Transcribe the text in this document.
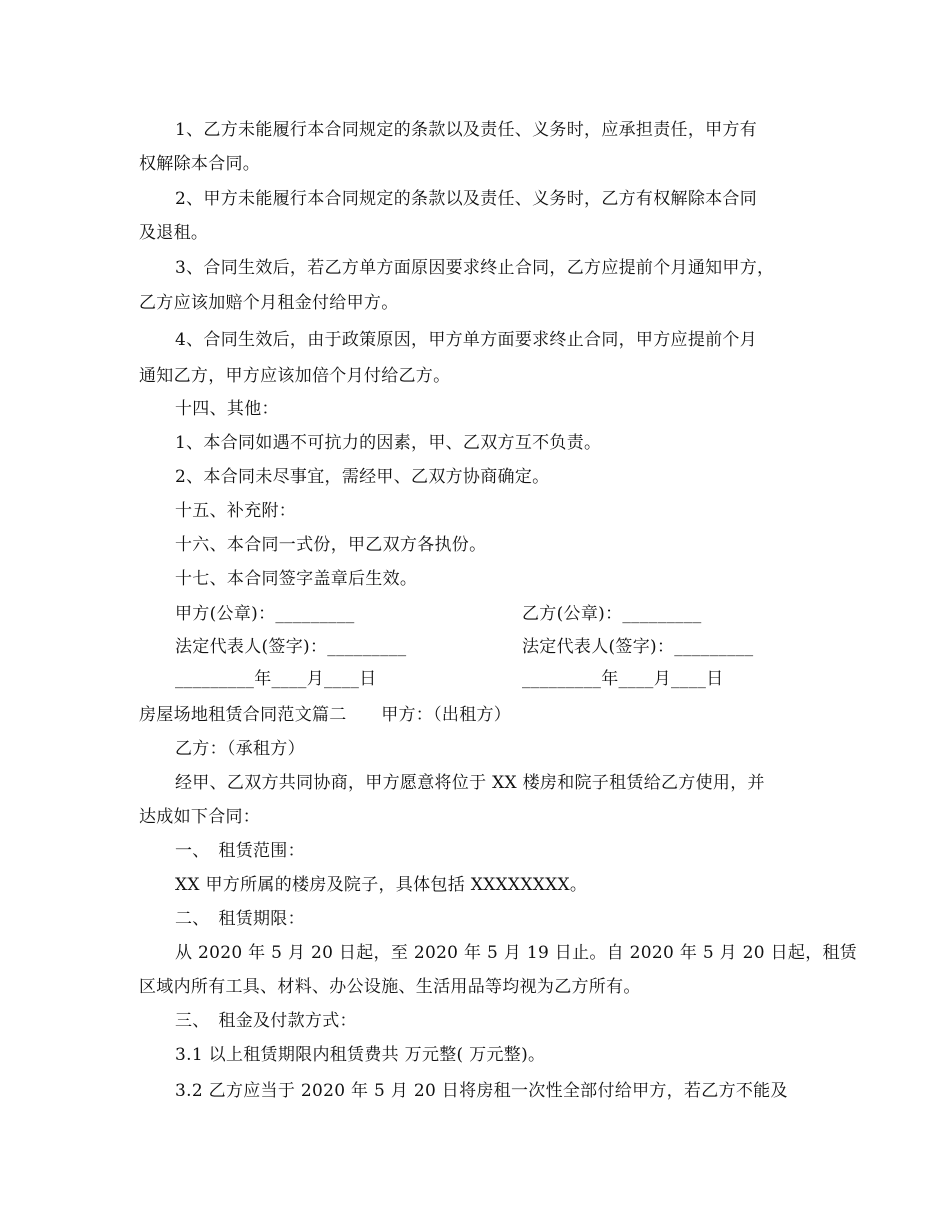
1、乙方未能履行本合同规定的条款以及责任、义务时，应承担责任，甲方有
权解除本合同。
2、甲方未能履行本合同规定的条款以及责任、义务时，乙方有权解除本合同
及退租。
3、合同生效后，若乙方单方面原因要求终止合同，乙方应提前个月通知甲方，
乙方应该加赔个月租金付给甲方。
4、合同生效后，由于政策原因，甲方单方面要求终止合同，甲方应提前个月
通知乙方，甲方应该加倍个月付给乙方。
十四、其他：
1、本合同如遇不可抗力的因素，甲、乙双方互不负责。
2、本合同未尽事宜，需经甲、乙双方协商确定。
十五、补充附：
十六、本合同一式份，甲乙双方各执份。
十七、本合同签字盖章后生效。
甲方(公章)：_________	乙方(公章)：_________
法定代表人(签字)：_________	法定代表人(签字)：_________
_________年____月____日	_________年____月____日
房屋场地租赁合同范文篇二　　甲方：（出租方）
乙方：（承租方）
经甲、乙双方共同协商，甲方愿意将位于 XX 楼房和院子租赁给乙方使用，并
达成如下合同：
一、　租赁范围：
XX 甲方所属的楼房及院子，具体包括 XXXXXXXX。
二、　租赁期限：
从 2020 年 5 月 20 日起，至 2020 年 5 月 19 日止。自 2020 年 5 月 20 日起，租赁
区域内所有工具、材料、办公设施、生活用品等均视为乙方所有。
三、　租金及付款方式：
3.1 以上租赁期限内租赁费共 万元整( 万元整)。
3.2 乙方应当于 2020 年 5 月 20 日将房租一次性全部付给甲方，若乙方不能及
